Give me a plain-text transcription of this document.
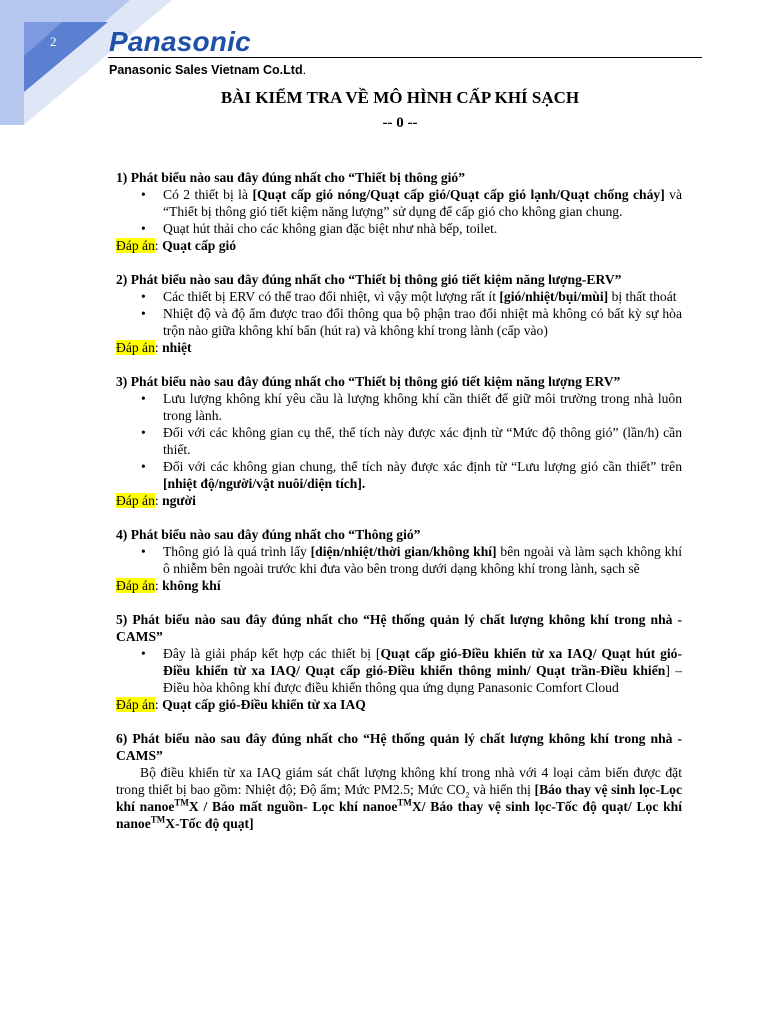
2 Panasonic
Panasonic Sales Vietnam Co.Ltd.
BÀI KIỂM TRA VỀ MÔ HÌNH CẤP KHÍ SẠCH
-- 0 --
1) Phát biểu nào sau đây đúng nhất cho “Thiết bị thông gió”
• Có 2 thiết bị là [Quạt cấp gió nóng/Quạt cấp gió/Quạt cấp gió lạnh/Quạt chống cháy] và “Thiết bị thông gió tiết kiệm năng lượng” sử dụng để cấp gió cho không gian chung.
• Quạt hút thải cho các không gian đặc biệt như nhà bếp, toilet.
Đáp án: Quạt cấp gió
2) Phát biểu nào sau đây đúng nhất cho “Thiết bị thông gió tiết kiệm năng lượng-ERV”
• Các thiết bị ERV có thể trao đổi nhiệt, vì vậy một lượng rất ít [gió/nhiệt/bụi/mùi] bị thất thoát
• Nhiệt độ và độ ẩm được trao đổi thông qua bộ phận trao đổi nhiệt mà không có bất kỳ sự hòa trộn nào giữa không khí bẩn (hút ra) và không khí trong lành (cấp vào)
Đáp án: nhiệt
3) Phát biểu nào sau đây đúng nhất cho “Thiết bị thông gió tiết kiệm năng lượng ERV”
• Lưu lượng không khí yêu cầu là lượng không khí cần thiết để giữ môi trường trong nhà luôn trong lành.
• Đối với các không gian cụ thể, thể tích này được xác định từ “Mức độ thông gió” (lần/h) cần thiết.
• Đối với các không gian chung, thể tích này được xác định từ “Lưu lượng gió cần thiết” trên [nhiệt độ/người/vật nuôi/diện tích].
Đáp án: người
4) Phát biểu nào sau đây đúng nhất cho “Thông gió”
• Thông gió là quá trình lấy [diện/nhiệt/thời gian/không khí] bên ngoài và làm sạch không khí ô nhiễm bên ngoài trước khi đưa vào bên trong dưới dạng không khí trong lành, sạch sẽ
Đáp án: không khí
5) Phát biểu nào sau đây đúng nhất cho “Hệ thống quản lý chất lượng không khí trong nhà - CAMS”
• Đây là giải pháp kết hợp các thiết bị [Quạt cấp gió-Điều khiển từ xa IAQ/ Quạt hút gió-Điều khiển từ xa IAQ/ Quạt cấp gió-Điều khiển thông minh/ Quạt trần-Điều khiển] – Điều hòa không khí được điều khiển thông qua ứng dụng Panasonic Comfort Cloud
Đáp án: Quạt cấp gió-Điều khiển từ xa IAQ
6) Phát biểu nào sau đây đúng nhất cho “Hệ thống quản lý chất lượng không khí trong nhà - CAMS”
Bộ điều khiển từ xa IAQ giám sát chất lượng không khí trong nhà với 4 loại cảm biến được đặt trong thiết bị bao gồm: Nhiệt độ; Độ ẩm; Mức PM2.5; Mức $CO_2$ và hiển thị [Báo thay vệ sinh lọc-Lọc khí nanoe™X / Báo mất nguồn- Lọc khí nanoe™X/ Báo thay vệ sinh lọc-Tốc độ quạt/ Lọc khí nanoe™X-Tốc độ quạt]
